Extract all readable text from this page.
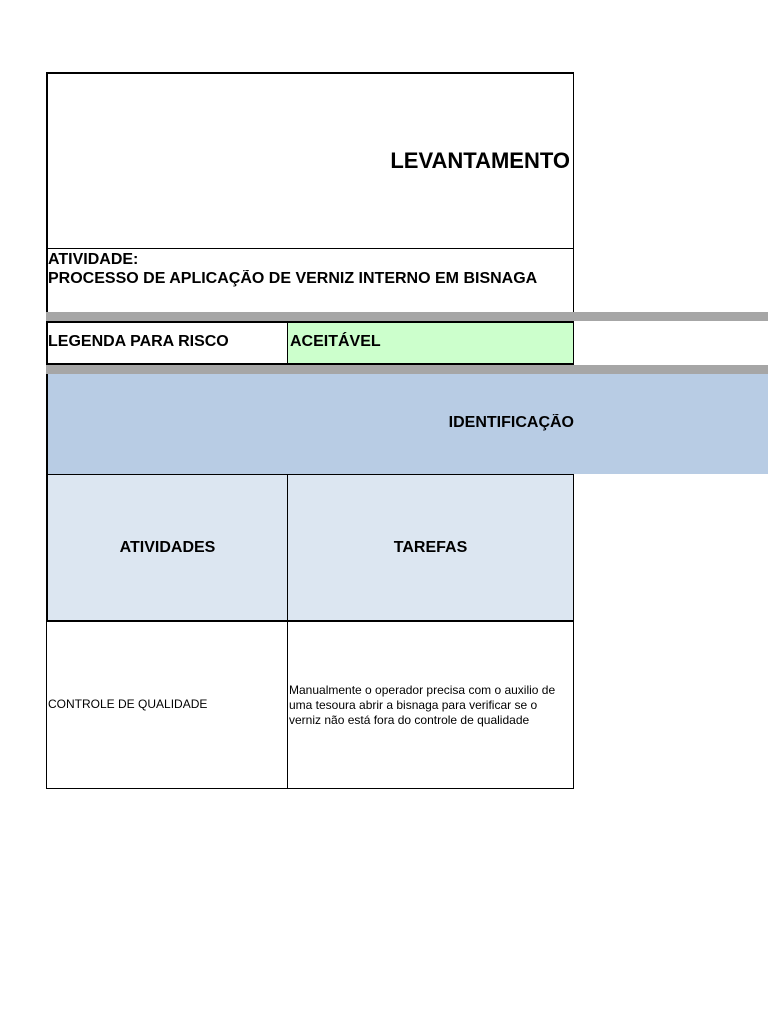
LEVANTAMENTO
ATIVIDADE:
PROCESSO DE APLICAÇÃO DE VERNIZ INTERNO EM BISNAGA
LEGENDA PARA RISCO	ACEITÁVEL
IDENTIFICAÇÃO
ATIVIDADES	TAREFAS
CONTROLE DE QUALIDADE
Manualmente o operador precisa com o auxilio de uma tesoura abrir a bisnaga para verificar se o verniz não está fora do controle de qualidade
